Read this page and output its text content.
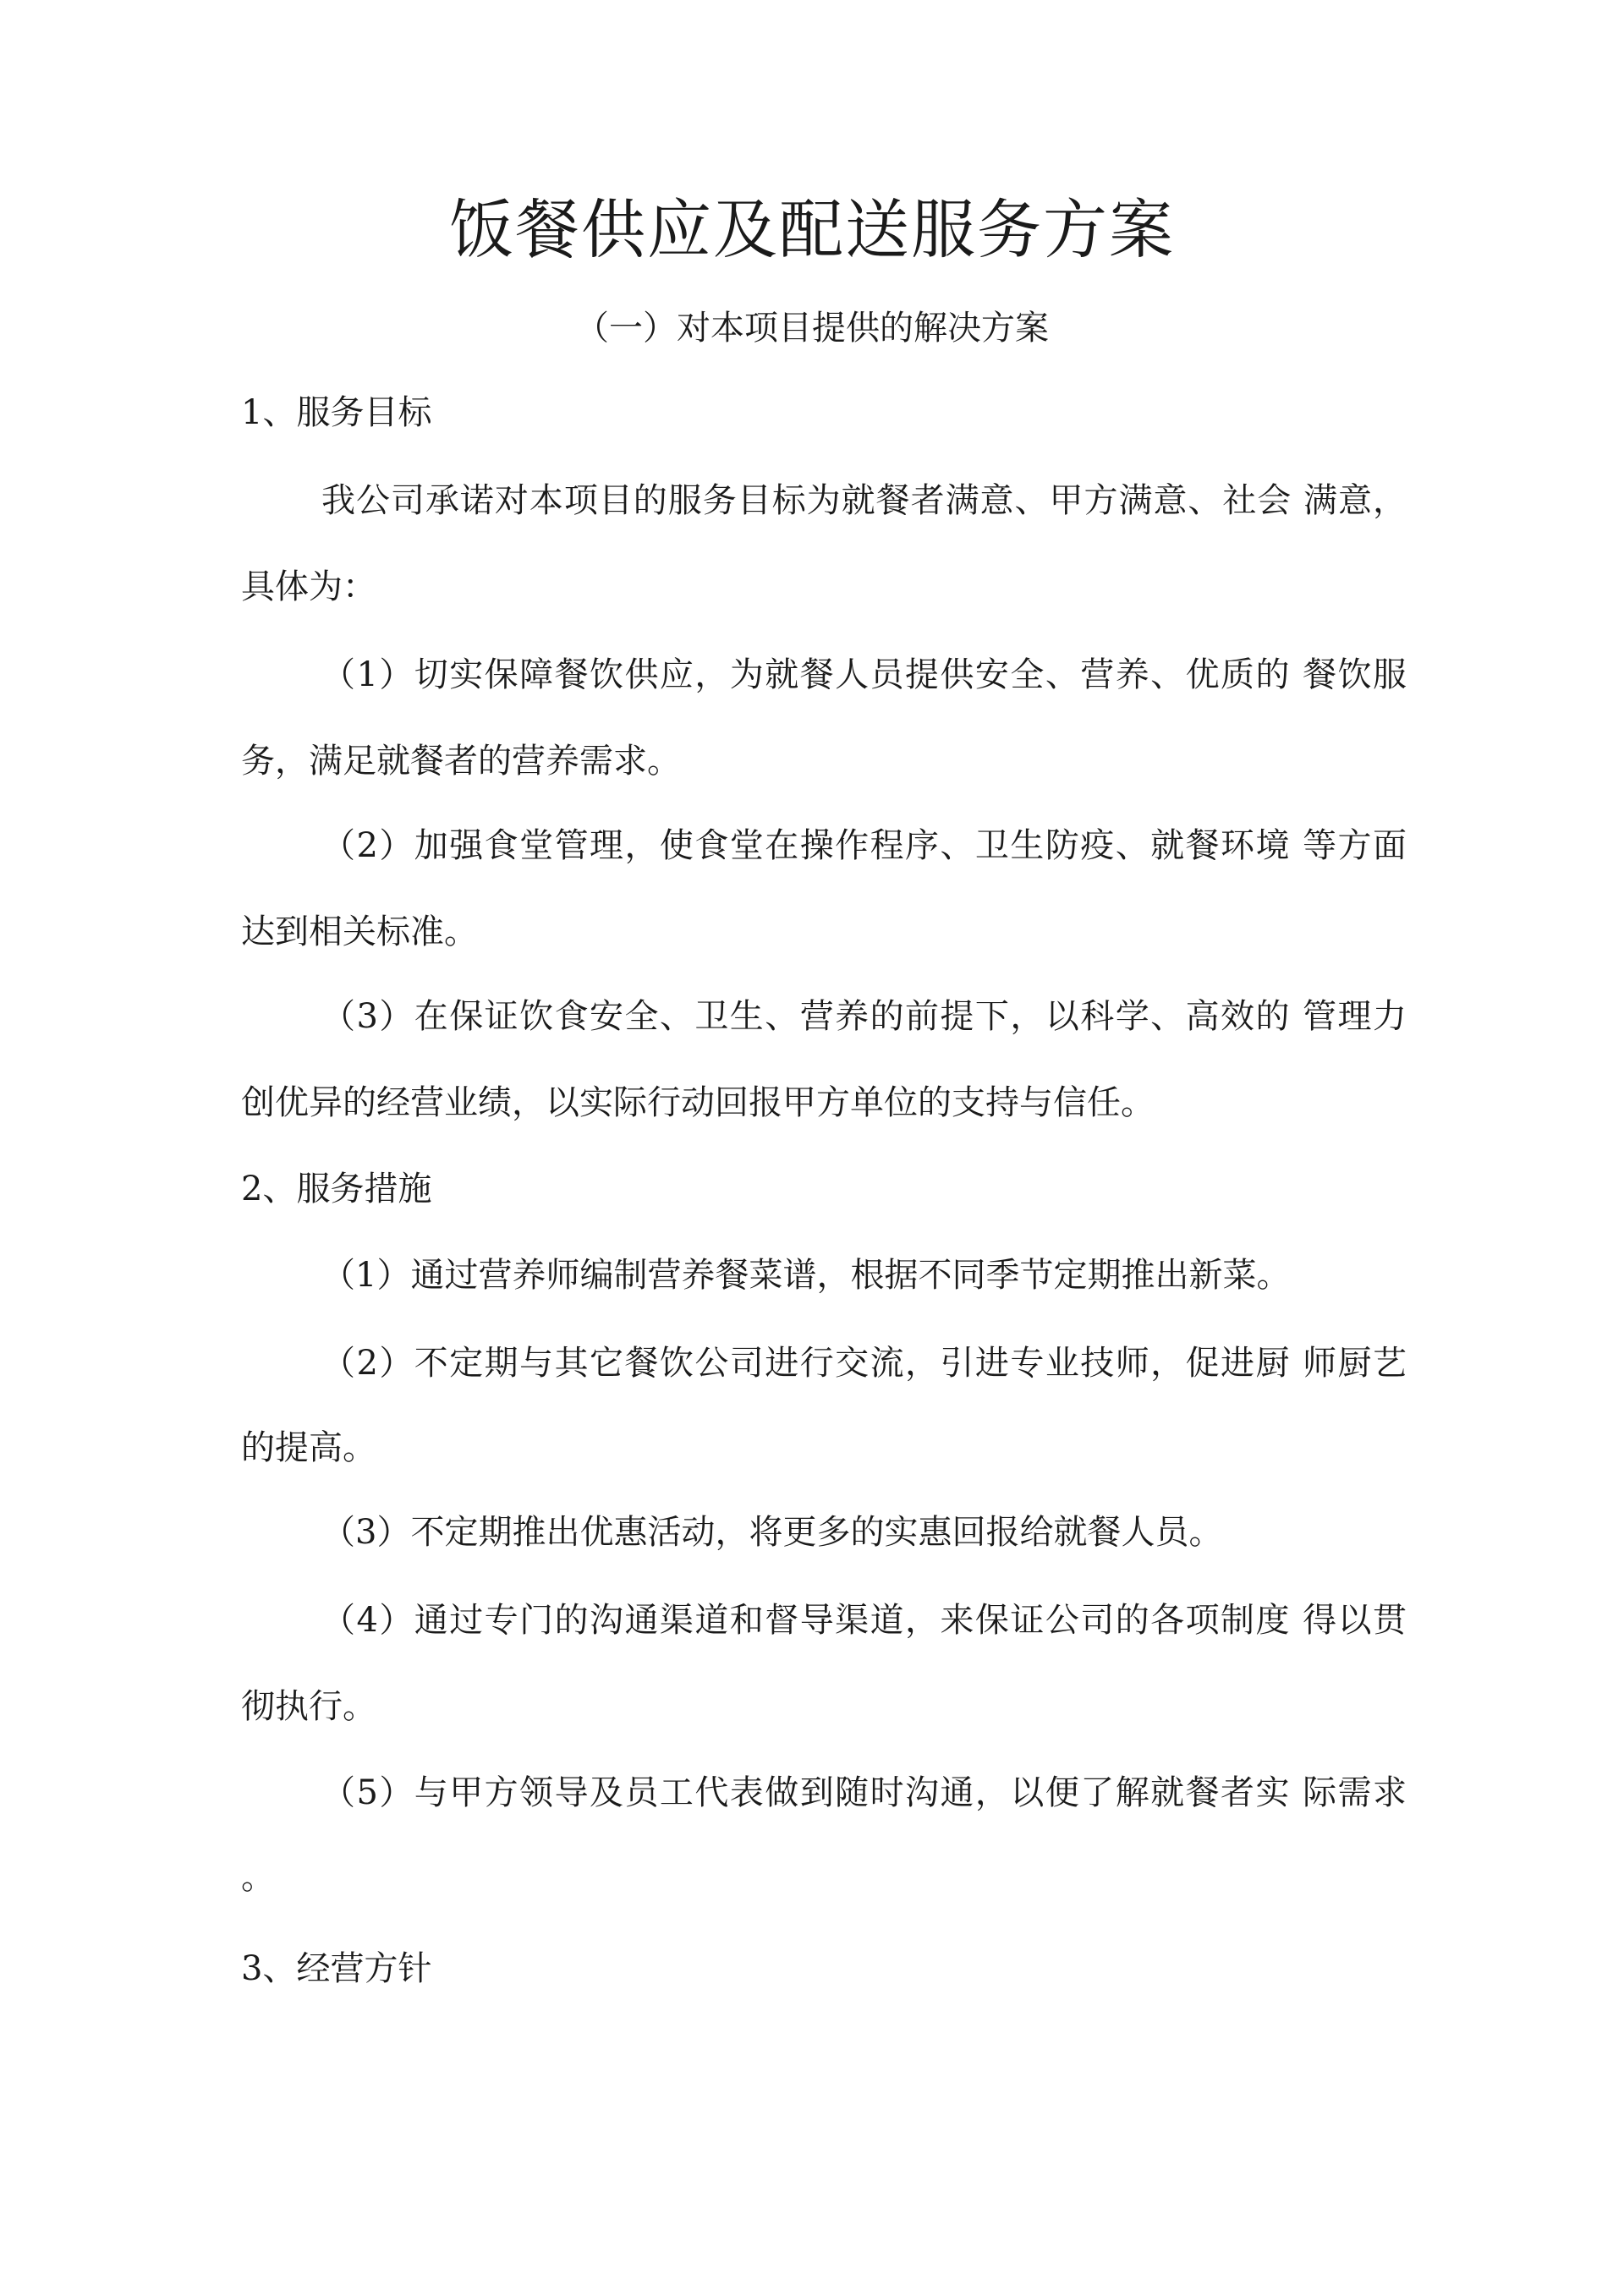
饭餐供应及配送服务方案
（一）对本项目提供的解决方案
1、服务目标
我公司承诺对本项目的服务目标为就餐者满意、甲方满意、社会 满意，
具体为：
（1）切实保障餐饮供应，为就餐人员提供安全、营养、优质的 餐饮服
务，满足就餐者的营养需求。
（2）加强食堂管理，使食堂在操作程序、卫生防疫、就餐环境 等方面
达到相关标准。
（3）在保证饮食安全、卫生、营养的前提下，以科学、高效的 管理力
创优异的经营业绩，以实际行动回报甲方单位的支持与信任。
2、服务措施
（1）通过营养师编制营养餐菜谱，根据不同季节定期推出新菜。
（2）不定期与其它餐饮公司进行交流，引进专业技师，促进厨 师厨艺
的提高。
（3）不定期推出优惠活动，将更多的实惠回报给就餐人员。
（4）通过专门的沟通渠道和督导渠道，来保证公司的各项制度 得以贯
彻执行。
（5）与甲方领导及员工代表做到随时沟通，以便了解就餐者实 际需求
。
3、经营方针
